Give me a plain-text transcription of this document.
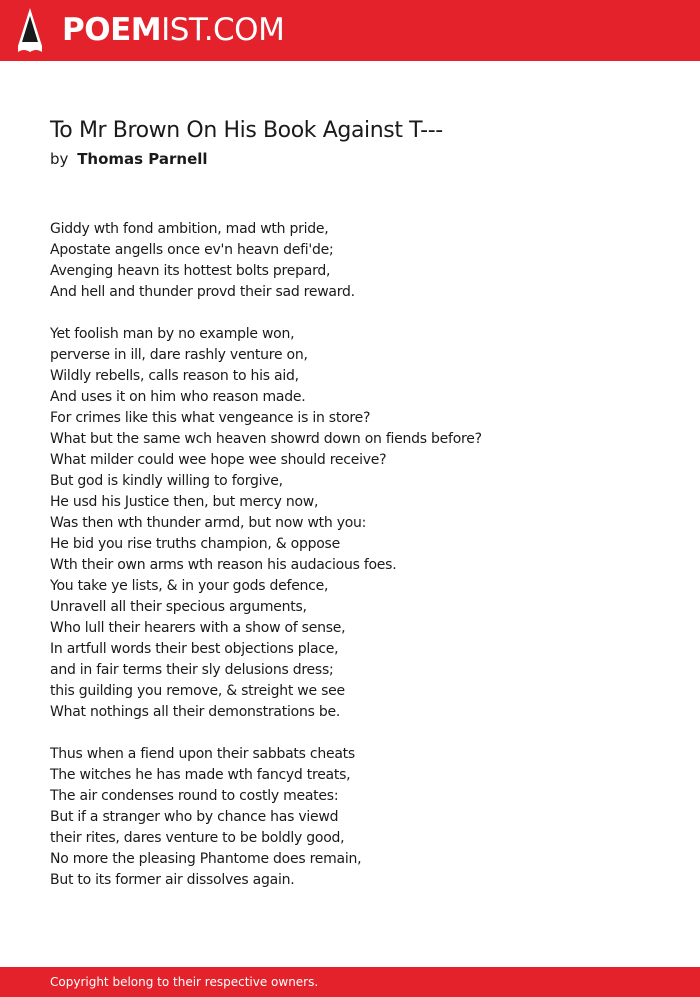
POEMIST.COM
To Mr Brown On His Book Against T---
by Thomas Parnell
Giddy wth fond ambition, mad wth pride,
Apostate angells once ev'n heavn defi'de;
Avenging heavn its hottest bolts prepard,
And hell and thunder provd their sad reward.
Yet foolish man by no example won,
perverse in ill, dare rashly venture on,
Wildly rebells, calls reason to his aid,
And uses it on him who reason made.
For crimes like this what vengeance is in store?
What but the same wch heaven showrd down on fiends before?
What milder could wee hope wee should receive?
But god is kindly willing to forgive,
He usd his Justice then, but mercy now,
Was then wth thunder armd, but now wth you:
He bid you rise truths champion, & oppose
Wth their own arms wth reason his audacious foes.
You take ye lists, & in your gods defence,
Unravell all their specious arguments,
Who lull their hearers with a show of sense,
In artfull words their best objections place,
and in fair terms their sly delusions dress;
this guilding you remove, & streight we see
What nothings all their demonstrations be.
Thus when a fiend upon their sabbats cheats
The witches he has made wth fancyd treats,
The air condenses round to costly meates:
But if a stranger who by chance has viewd
their rites, dares venture to be boldly good,
No more the pleasing Phantome does remain,
But to its former air dissolves again.
Copyright belong to their respective owners.
